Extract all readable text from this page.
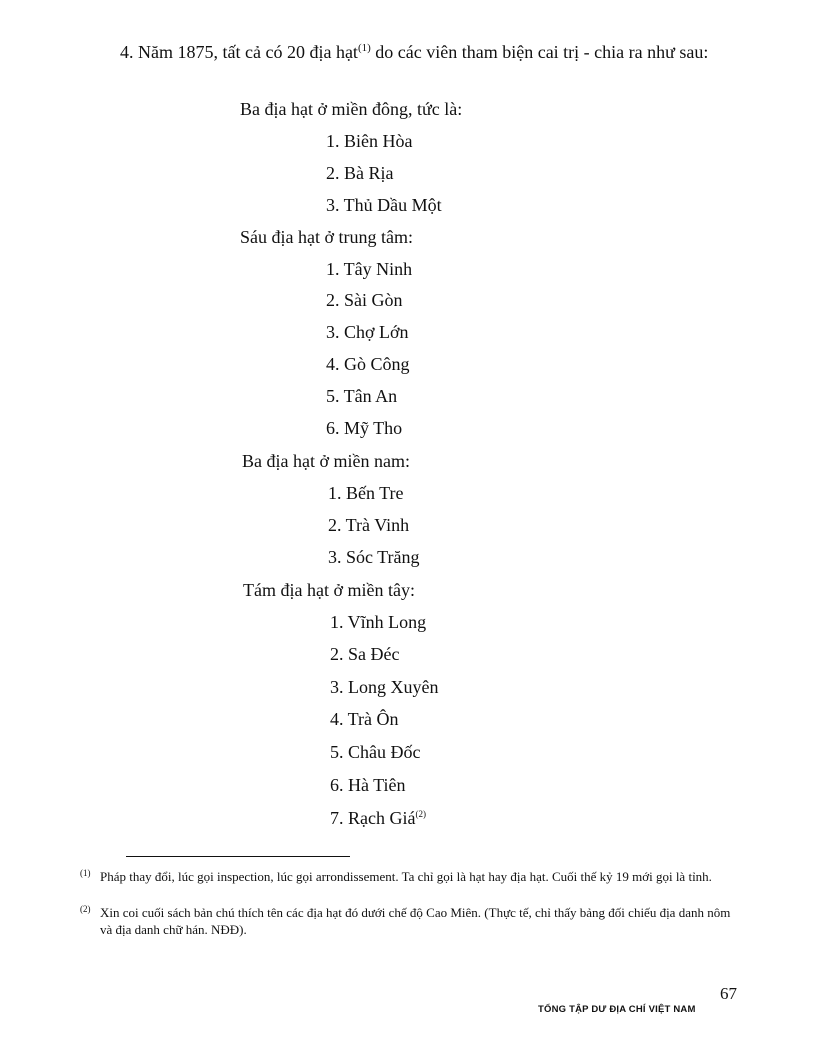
4. Năm 1875, tất cả có 20 địa hạt$^{(1)}$ do các viên tham biện cai trị - chia ra như sau:

Ba địa hạt ở miền đông, tức là:

1. Biên Hòa

2. Bà Rịa

3. Thủ Dầu Một

Sáu địa hạt ở trung tâm:

1. Tây Ninh

2. Sài Gòn

3. Chợ Lớn

4. Gò Công

5. Tân An

6. Mỹ Tho

Ba địa hạt ở miền nam:

1. Bến Tre

2. Trà Vinh

3. Sóc Trăng

Tám địa hạt ở miền tây:

1. Vĩnh Long

2. Sa Đéc

3. Long Xuyên

4. Trà Ôn

5. Châu Đốc

6. Hà Tiên

7. Rạch Giá$^{(2)}$

(1) Pháp thay đổi, lúc gọi inspection, lúc gọi arrondissement. Ta chỉ gọi là hạt hay địa hạt. Cuối thế kỷ 19 mới gọi là tỉnh.

(2) Xin coi cuối sách bản chú thích tên các địa hạt đó dưới chế độ Cao Miên. (Thực tế, chỉ thấy bảng đối chiếu địa danh nôm và địa danh chữ hán. NĐĐ).

67

TỔNG TẬP DƯ ĐỊA CHÍ VIỆT NAM
